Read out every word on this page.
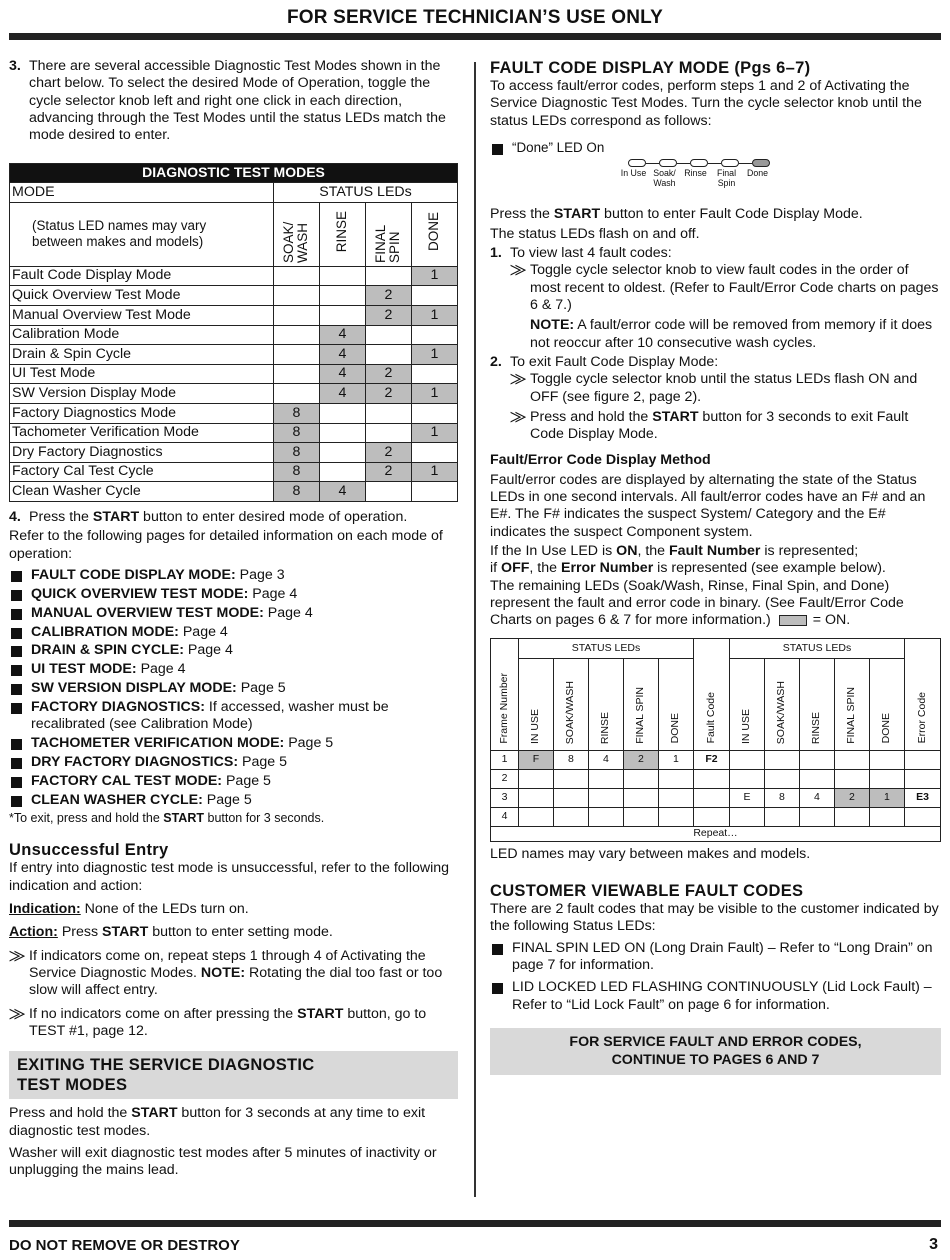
FOR SERVICE TECHNICIAN’S USE ONLY
3. There are several accessible Diagnostic Test Modes shown in the chart below. To select the desired Mode of Operation, toggle the cycle selector knob left and right one click in each direction, advancing through the Test Modes until the status LEDs match the mode desired to enter.
DIAGNOSTIC TEST MODES				
MODE	STATUS LEDs			
(Status LED names may vary between makes and models)	SOAK/ WASH	RINSE	FINAL SPIN	DONE
Fault Code Display Mode				1
Quick Overview Test Mode			2	
Manual Overview Test Mode			2	1
Calibration Mode		4		
Drain & Spin Cycle		4		1
UI Test Mode		4	2	
SW Version Display Mode		4	2	1
Factory Diagnostics Mode	8			
Tachometer Verification Mode	8			1
Dry Factory Diagnostics	8		2	
Factory Cal Test Cycle	8		2	1
Clean Washer Cycle	8	4		
4. Press the START button to enter desired mode of operation.

Refer to the following pages for detailed information on each mode of operation:

FAULT CODE DISPLAY MODE: Page 3
QUICK OVERVIEW TEST MODE: Page 4
MANUAL OVERVIEW TEST MODE: Page 4
CALIBRATION MODE: Page 4
DRAIN & SPIN CYCLE: Page 4
UI TEST MODE: Page 4
SW VERSION DISPLAY MODE: Page 5
FACTORY DIAGNOSTICS: If accessed, washer must be recalibrated (see Calibration Mode)
TACHOMETER VERIFICATION MODE: Page 5
DRY FACTORY DIAGNOSTICS: Page 5
FACTORY CAL TEST MODE: Page 5
CLEAN WASHER CYCLE: Page 5

*To exit, press and hold the START button for 3 seconds.

Unsuccessful Entry

If entry into diagnostic test mode is unsuccessful, refer to the following indication and action:

Indication: None of the LEDs turn on.

Action: Press START button to enter setting mode.

⨠ If indicators come on, repeat steps 1 through 4 of Activating the Service Diagnostic Modes. NOTE: Rotating the dial too fast or too slow will affect entry.
⨠ If no indicators come on after pressing the START button, go to TEST #1, page 12.
EXITING THE SERVICE DIAGNOSTIC
TEST MODES

Press and hold the START button for 3 seconds at any time to exit diagnostic test modes.

Washer will exit diagnostic test modes after 5 minutes of inactivity or unplugging the mains lead.

FAULT CODE DISPLAY MODE (Pgs 6–7)

To access fault/error codes, perform steps 1 and 2 of Activating the Service Diagnostic Test Modes. Turn the cycle selector knob until the status LEDs correspond as follows:

“Done” LED On
In Use Soak/ Wash
Rinse	Final Spin
Done

Press the START button to enter Fault Code Display Mode.

The status LEDs flash on and off.

1. To view last 4 fault codes:
⨠ Toggle cycle selector knob to view fault codes in the order of most recent to oldest. (Refer to Fault/Error Code charts on pages 6 & 7.)

NOTE: A fault/error code will be removed from memory if it does not reoccur after 10 consecutive wash cycles.

2. To exit Fault Code Display Mode:
⨠ Toggle cycle selector knob until the status LEDs flash ON and OFF (see figure 2, page 2).
⨠ Press and hold the START button for 3 seconds to exit Fault Code Display Mode.

Fault/Error Code Display Method

Fault/error codes are displayed by alternating the state of the Status LEDs in one second intervals. All fault/error codes have an F# and an E#. The F# indicates the suspect System/ Category and the E# indicates the suspect Component system.

If the In Use LED is ON, the Fault Number is represented;

if OFF, the Error Number is represented (see example below).

The remaining LEDs (Soak/Wash, Rinse, Final Spin, and Done) represent the fault and error code in binary. (See Fault/Error Code Charts on pages 6 & 7 for more information.)	= ON.

Frame Number	STATUS LEDs					Fault Code	STATUS LEDs					Error Code
	IN USE	SOAK/WASH	RINSE	FINAL SPIN	DONE		IN USE	SOAK/WASH	RINSE	FINAL SPIN	DONE	
1	F	8	4	2	1	F2						
2												
3							E	8	4	2	1	E3
4												
Repeat…												

LED names may vary between makes and models.

CUSTOMER VIEWABLE FAULT CODES

There are 2 fault codes that may be visible to the customer indicated by the following Status LEDs:

FINAL SPIN LED ON (Long Drain Fault) – Refer to “Long Drain” on page 7 for information.
LID LOCKED LED FLASHING CONTINUOUSLY (Lid Lock Fault) – Refer to “Lid Lock Fault” on page 6 for information.
FOR SERVICE FAULT AND ERROR CODES,
CONTINUE TO PAGES 6 AND 7
DO NOT REMOVE OR DESTROY	3
